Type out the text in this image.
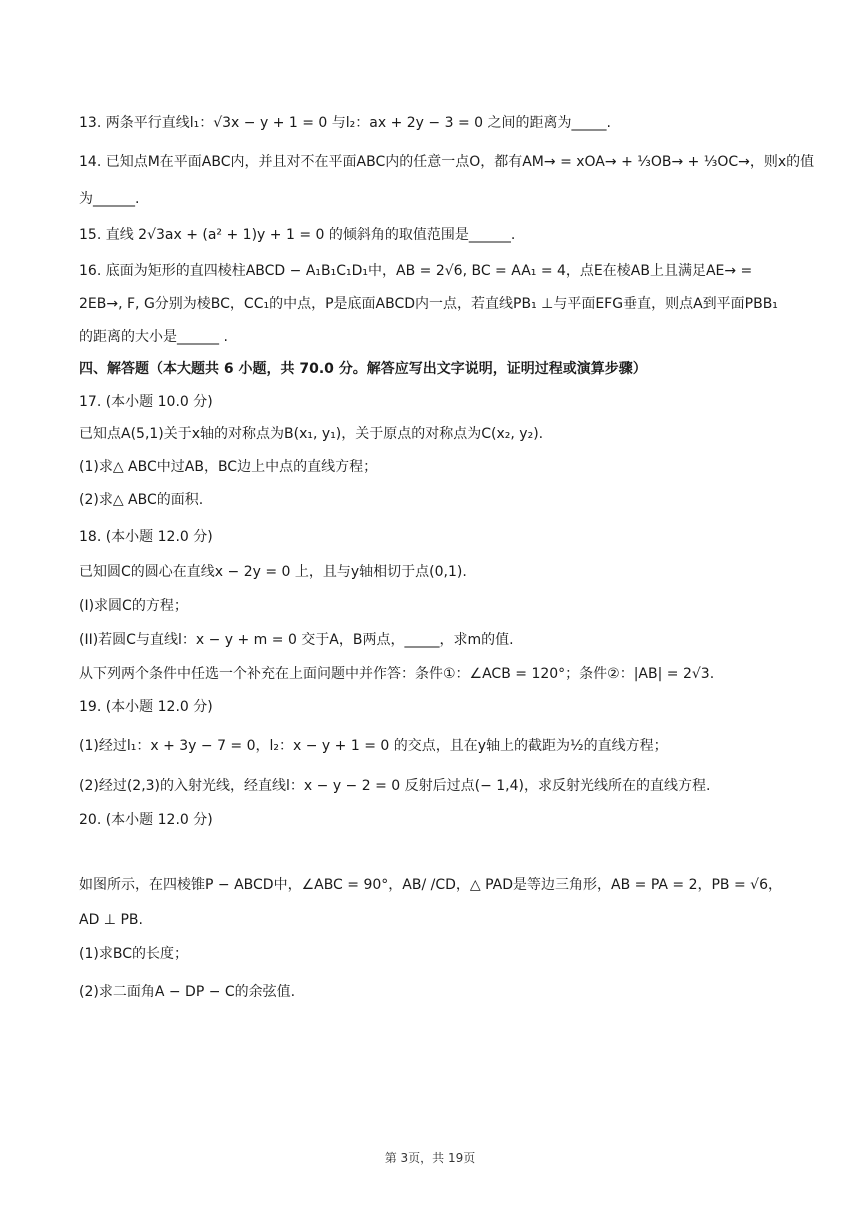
13. 两条平行直线l₁：√3x − y + 1 = 0 与l₂：ax + 2y − 3 = 0 之间的距离为_____.
14. 已知点M在平面ABC内，并且对不在平面ABC内的任意一点O，都有AM→ = xOA→ + ⅓OB→ + ⅓OC→，则x的值
为______.
15. 直线 2√3ax + (a² + 1)y + 1 = 0 的倾斜角的取值范围是______.
16. 底面为矩形的直四棱柱ABCD − A₁B₁C₁D₁中，AB = 2√6, BC = AA₁ = 4，点E在棱AB上且满足AE→ =
2EB→, F, G分别为棱BC，CC₁的中点，P是底面ABCD内一点，若直线PB₁ ⊥与平面EFG垂直，则点A到平面PBB₁
的距离的大小是______ .
四、解答题（本大题共 6 小题，共 70.0 分。解答应写出文字说明，证明过程或演算步骤）
17. (本小题 10.0 分)
已知点A(5,1)关于x轴的对称点为B(x₁, y₁)，关于原点的对称点为C(x₂, y₂).
(1)求△ ABC中过AB，BC边上中点的直线方程；
(2)求△ ABC的面积.
18. (本小题 12.0 分)
已知圆C的圆心在直线x − 2y = 0 上，且与y轴相切于点(0,1).
(I)求圆C的方程；
(II)若圆C与直线l：x − y + m = 0 交于A，B两点，_____，求m的值.
从下列两个条件中任选一个补充在上面问题中并作答：条件①：∠ACB = 120°；条件②：|AB| = 2√3.
19. (本小题 12.0 分)
(1)经过l₁：x + 3y − 7 = 0，l₂：x − y + 1 = 0 的交点，且在y轴上的截距为½的直线方程；
(2)经过(2,3)的入射光线，经直线l：x − y − 2 = 0 反射后过点(− 1,4)，求反射光线所在的直线方程.
20. (本小题 12.0 分)
如图所示，在四棱锥P − ABCD中，∠ABC = 90°，AB/ /CD，△ PAD是等边三角形，AB = PA = 2，PB = √6，
AD ⊥ PB.
(1)求BC的长度；
(2)求二面角A − DP − C的余弦值.
第 3页，共 19页
